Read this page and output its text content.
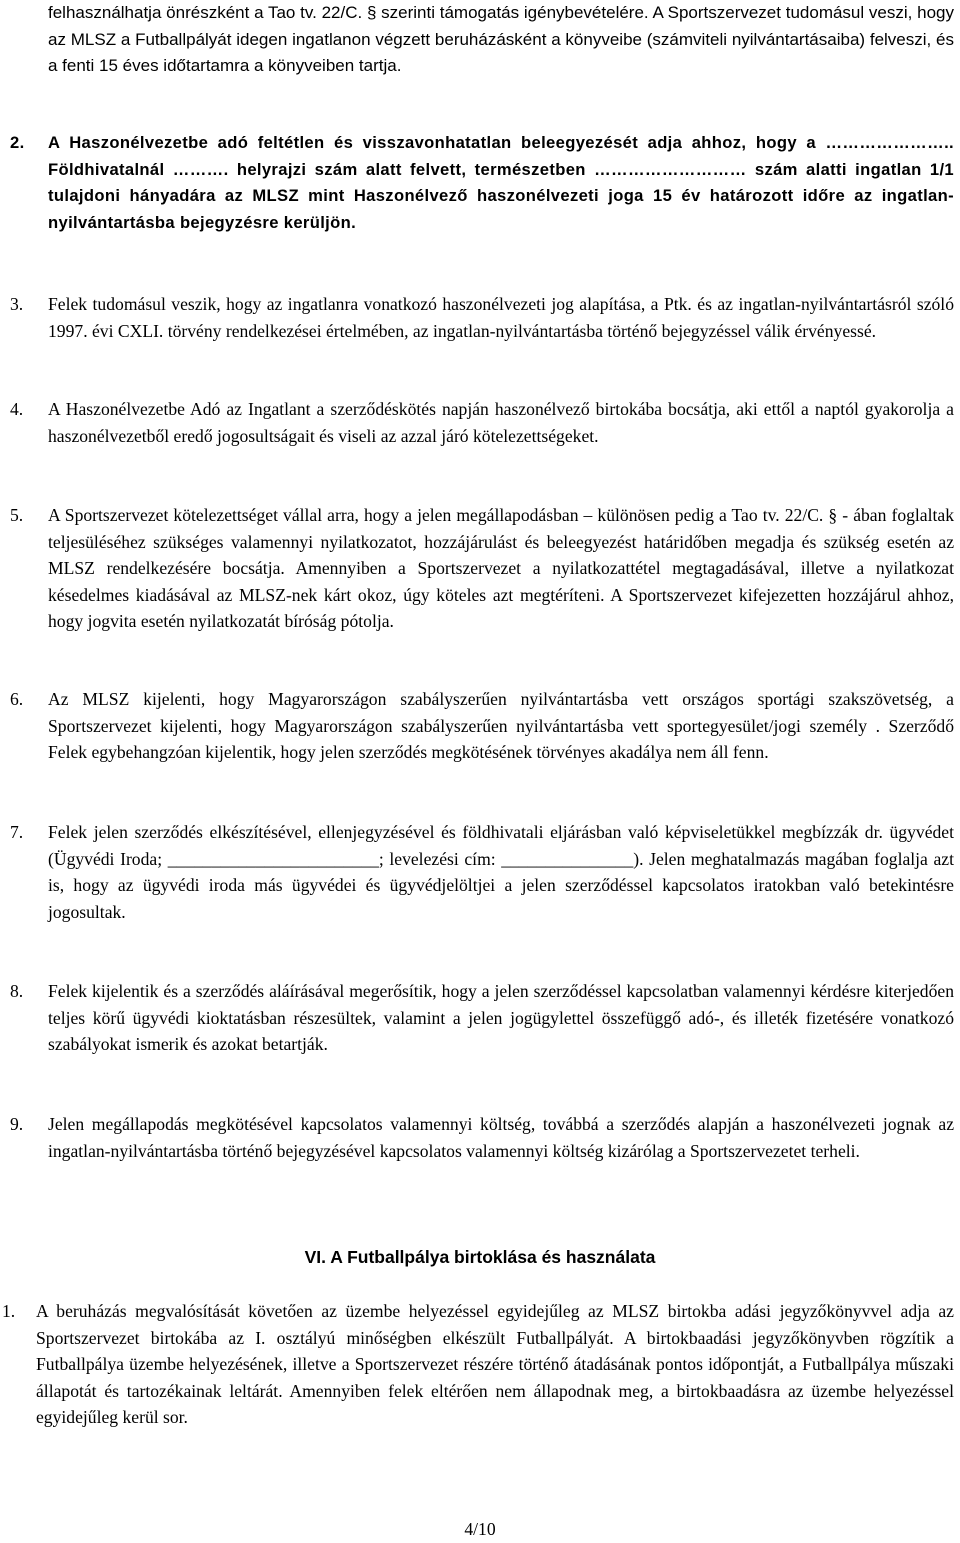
felhasználhatja önrészként a Tao tv. 22/C. § szerinti támogatás igénybevételére. A Sportszervezet tudomásul veszi, hogy az MLSZ a Futballpályát idegen ingatlanon végzett beruházásként a könyveibe (számviteli nyilvántartásaiba) felveszi, és a fenti 15 éves időtartamra a könyveiben tartja.
2. A Haszonélvezetbe adó feltétlen és visszavonhatatlan beleegyezését adja ahhoz, hogy a ………………….. Földhivatalnál ………. helyrajzi szám alatt felvett, természetben ……………………… szám alatti ingatlan 1/1 tulajdoni hányadára az MLSZ mint Haszonélvező haszonélvezeti joga 15 év határozott időre az ingatlan-nyilvántartásba bejegyzésre kerüljön.
3. Felek tudomásul veszik, hogy az ingatlanra vonatkozó haszonélvezeti jog alapítása, a Ptk. és az ingatlan-nyilvántartásról szóló 1997. évi CXLI. törvény rendelkezései értelmében, az ingatlan-nyilvántartásba történő bejegyzéssel válik érvényessé.
4. A Haszonélvezetbe Adó az Ingatlant a szerződéskötés napján haszonélvező birtokába bocsátja, aki ettől a naptól gyakorolja a haszonélvezetből eredő jogosultságait és viseli az azzal járó kötelezettségeket.
5. A Sportszervezet kötelezettséget vállal arra, hogy a jelen megállapodásban – különösen pedig a Tao tv. 22/C. § - ában foglaltak teljesüléséhez szükséges valamennyi nyilatkozatot, hozzájárulást és beleegyezést határidőben megadja és szükség esetén az MLSZ rendelkezésére bocsátja. Amennyiben a Sportszervezet a nyilatkozattétel megtagadásával, illetve a nyilatkozat késedelmes kiadásával az MLSZ-nek kárt okoz, úgy köteles azt megtéríteni. A Sportszervezet kifejezetten hozzájárul ahhoz, hogy jogvita esetén nyilatkozatát bíróság pótolja.
6. Az MLSZ kijelenti, hogy Magyarországon szabályszerűen nyilvántartásba vett országos sportági szakszövetség, a Sportszervezet kijelenti, hogy Magyarországon szabályszerűen nyilvántartásba vett sportegyesület/jogi személy . Szerződő Felek egybehangzóan kijelentik, hogy jelen szerződés megkötésének törvényes akadálya nem áll fenn.
7. Felek jelen szerződés elkészítésével, ellenjegyzésével és földhivatali eljárásban való képviseletükkel megbízzák dr. ügyvédet (Ügyvédi Iroda; ________________________; levelezési cím: _______________). Jelen meghatalmazás magában foglalja azt is, hogy az ügyvédi iroda más ügyvédei és ügyvédjelöltjei a jelen szerződéssel kapcsolatos iratokban való betekintésre jogosultak.
8. Felek kijelentik és a szerződés aláírásával megerősítik, hogy a jelen szerződéssel kapcsolatban valamennyi kérdésre kiterjedően teljes körű ügyvédi kioktatásban részesültek, valamint a jelen jogügylettel összefüggő adó-, és illeték fizetésére vonatkozó szabályokat ismerik és azokat betartják.
9. Jelen megállapodás megkötésével kapcsolatos valamennyi költség, továbbá a szerződés alapján a haszonélvezeti jognak az ingatlan-nyilvántartásba történő bejegyzésével kapcsolatos valamennyi költség kizárólag a Sportszervezetet terheli.
VI. A Futballpálya birtoklása és használata
1. A beruházás megvalósítását követően az üzembe helyezéssel egyidejűleg az MLSZ birtokba adási jegyzőkönyvvel adja az Sportszervezet birtokába az I. osztályú minőségben elkészült Futballpályát. A birtokbaadási jegyzőkönyvben rögzítik a Futballpálya üzembe helyezésének, illetve a Sportszervezet részére történő átadásának pontos időpontját, a Futballpálya műszaki állapotát és tartozékainak leltárát. Amennyiben felek eltérően nem állapodnak meg, a birtokbaadásra az üzembe helyezéssel egyidejűleg kerül sor.
4/10
